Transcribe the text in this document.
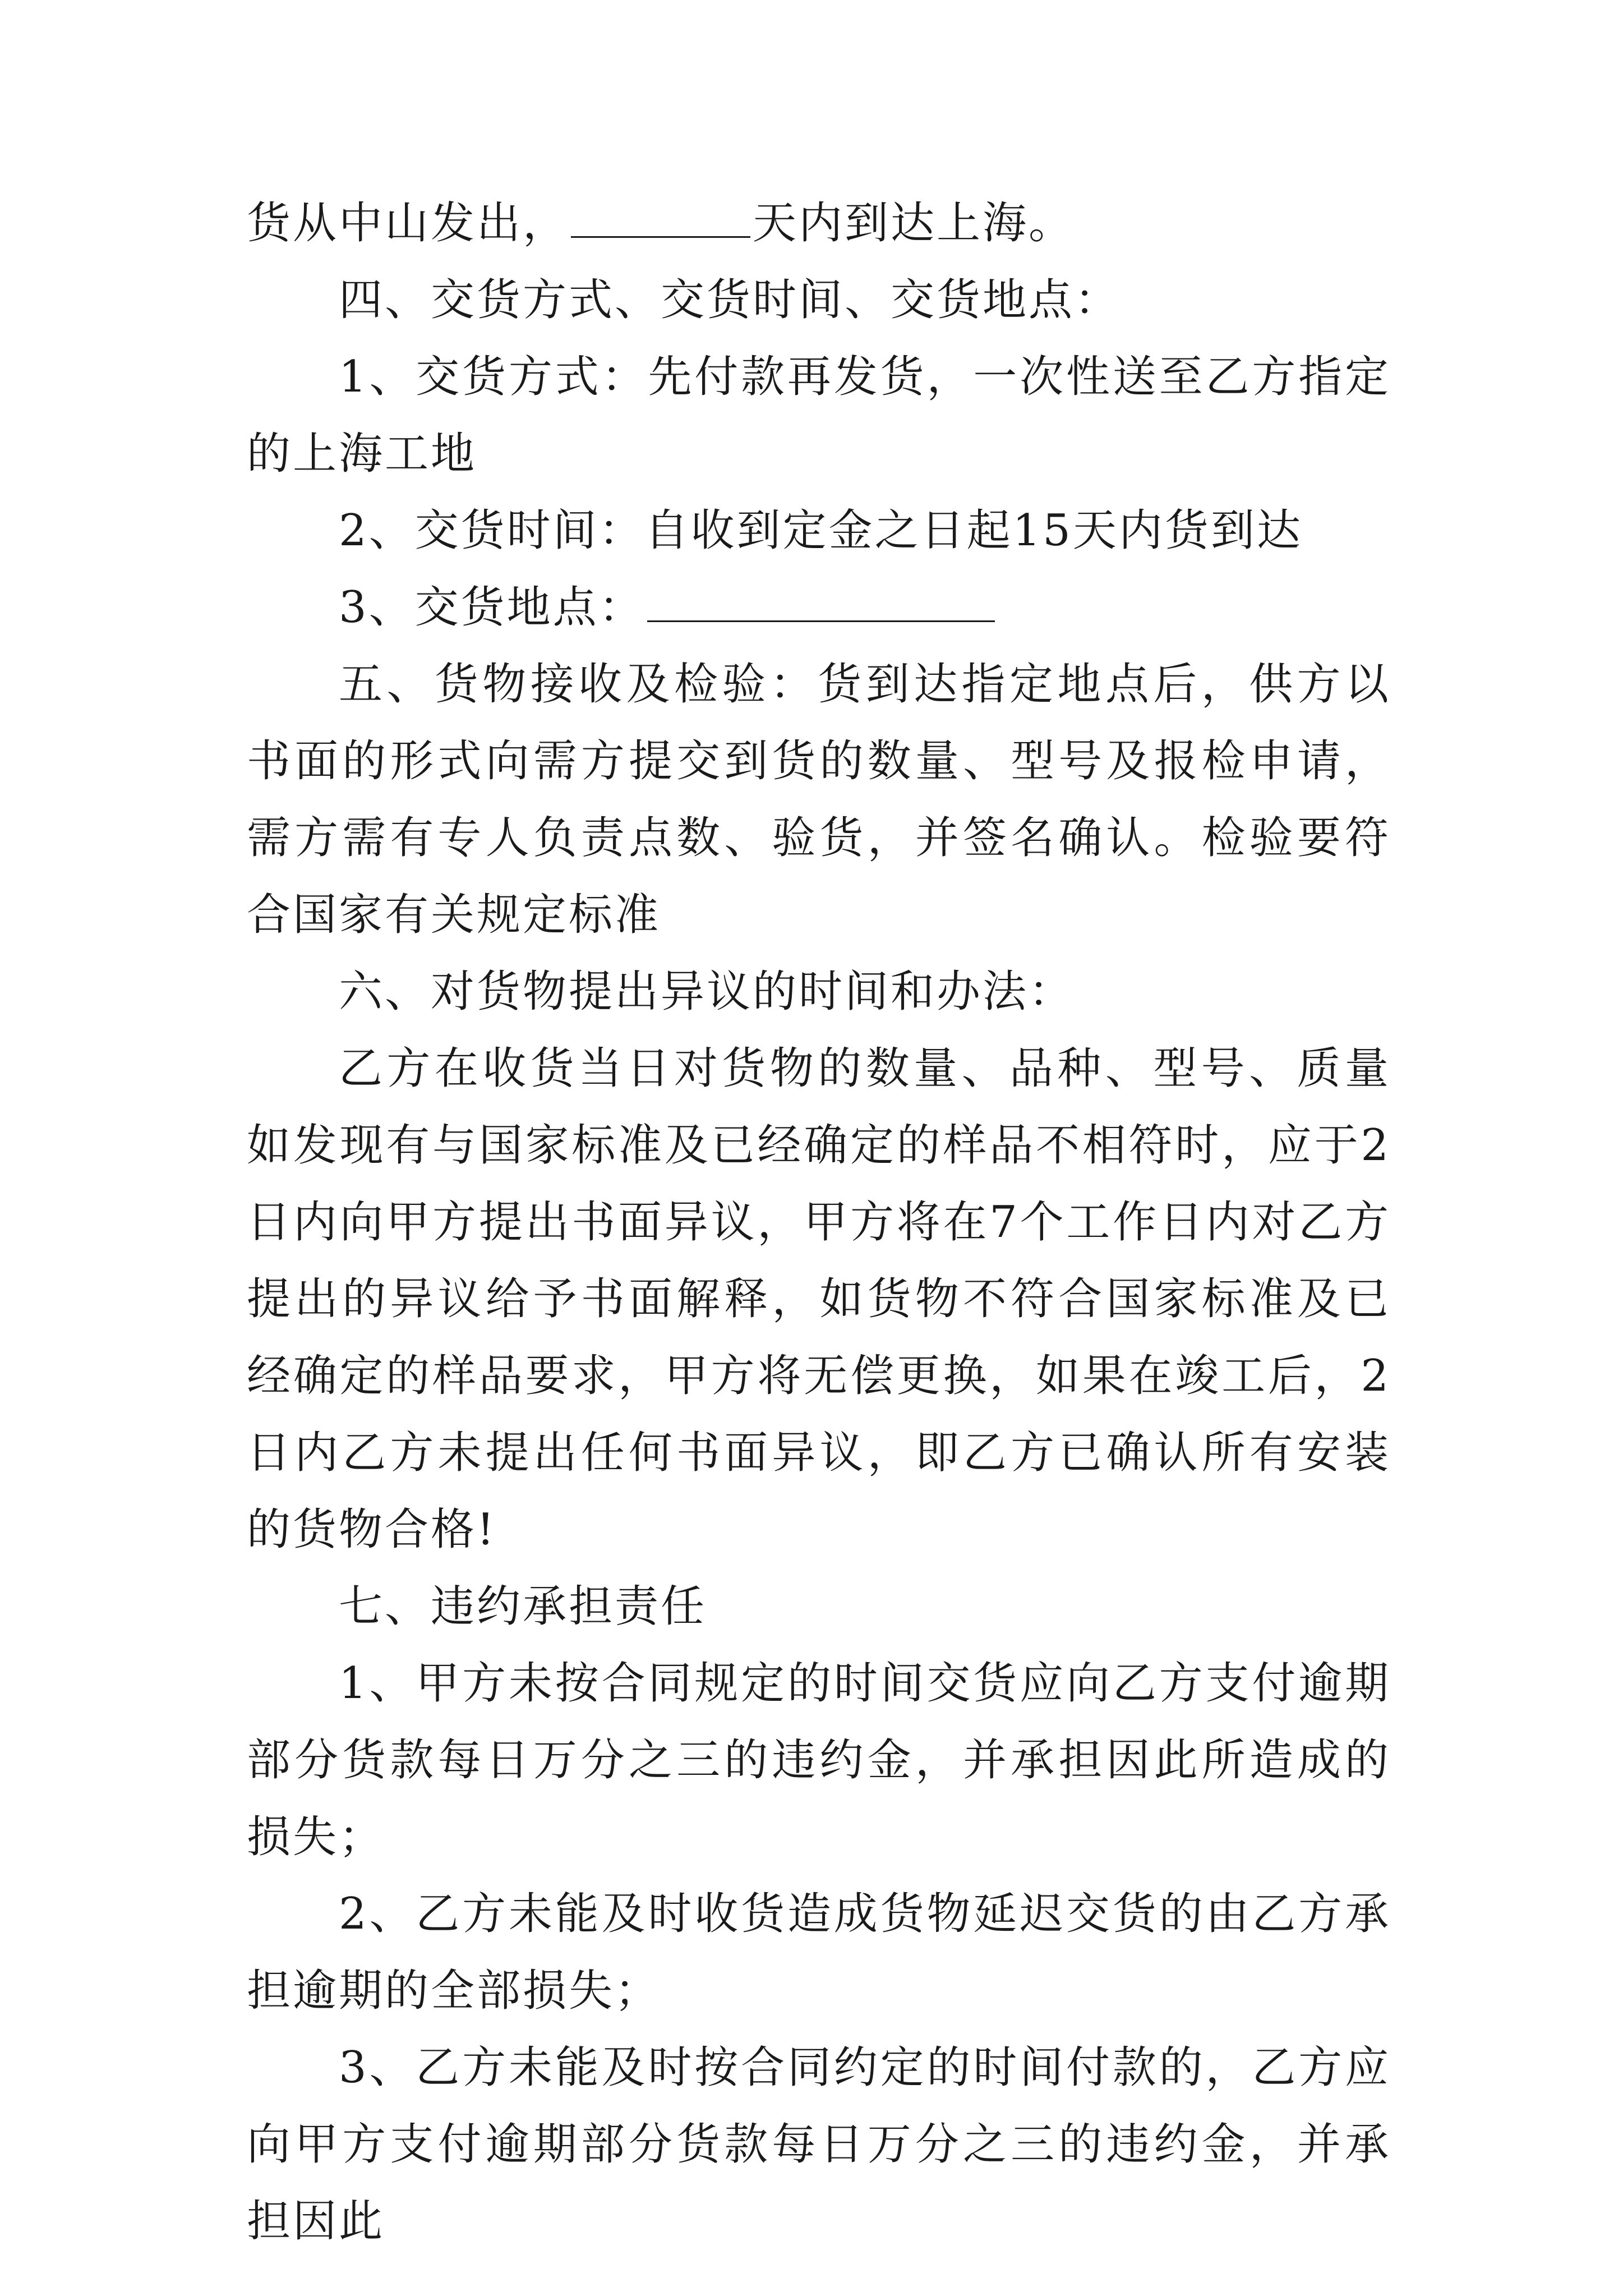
货从中山发出，	天内到达上海。

四、交货方式、交货时间、交货地点：

1、交货方式：先付款再发货，一次性送至乙方指定的上海工地

2、交货时间：自收到定金之日起15天内货到达

3、交货地点：

五、货物接收及检验：货到达指定地点后，供方以书面的形式向需方提交到货的数量、型号及报检申请，需方需有专人负责点数、验货，并签名确认。检验要符合国家有关规定标准

六、对货物提出异议的时间和办法：

乙方在收货当日对货物的数量、品种、型号、质量如发现有与国家标准及已经确定的样品不相符时，应于2日内向甲方提出书面异议，甲方将在7个工作日内对乙方提出的异议给予书面解释，如货物不符合国家标准及已经确定的样品要求，甲方将无偿更换，如果在竣工后，2日内乙方未提出任何书面异议，即乙方已确认所有安装的货物合格!

七、违约承担责任

1、甲方未按合同规定的时间交货应向乙方支付逾期部分货款每日万分之三的违约金，并承担因此所造成的损失；

2、乙方未能及时收货造成货物延迟交货的由乙方承担逾期的全部损失；

3、乙方未能及时按合同约定的时间付款的，乙方应向甲方支付逾期部分货款每日万分之三的违约金，并承担因此
